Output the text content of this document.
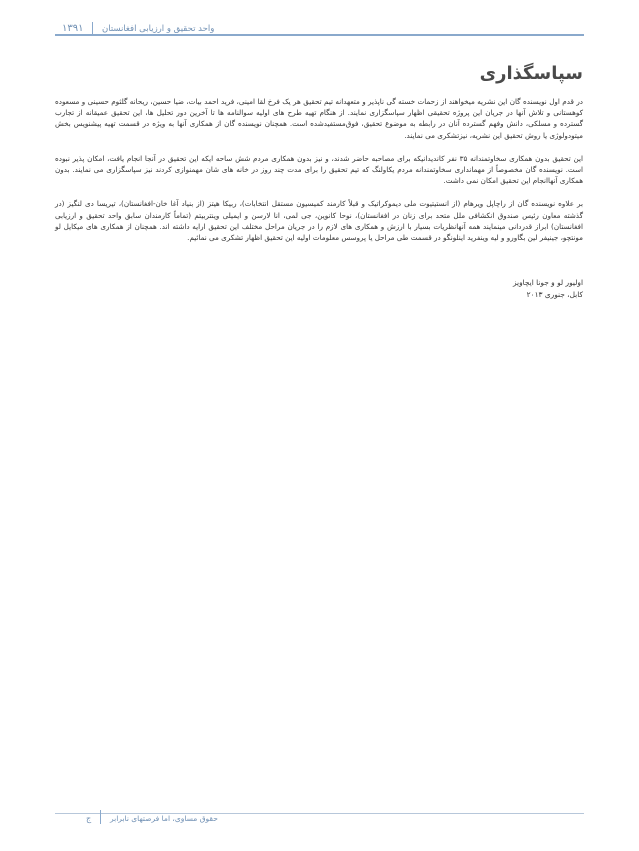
واحد تحقیق و ارزیابی افغانستان
۱۳۹۱
سپاسگذاری

در قدم اول نویسنده گان این نشریه میخواهند از زحمات خسته گی ناپذیر و متعهدانه تیم تحقیق هر یک فرخ لقا امینی، فرید احمد بیات، ضیا حسین، ریحانه گلثوم حسینی و مسعوده کوهستانی و تلاش آنها در جریان این پروژه تحقیقی اظهار سپاسگزاری نمایند. از هنگام تهیه طرح های اولیه سوالنامه ها تا آخرین دور تحلیل ها، این تحقیق عمیقانه از تجارب گسترده و مسلکی، دانش وفهم گسترده آنان در رابطه به موضوع تحقیق، فوق‌مستفیدشده است. همچنان نویسنده گان از همکاری آنها به ویژه در قسمت تهیه پیشنویس بخش میتودولوژی یا روش تحقیق این نشریه، نیزتشکری می نمایند.

این تحقیق بدون همکاری سخاوتمندانه ۳۵ نفر کاندیدانیکه برای مصاحبه حاضر شدند، و نیز بدون همکاری مردم شش ساحه ایکه این تحقیق در آنجا انجام یافت، امکان پذیر نبوده است. نویسنده گان مخصوصاً از مهمانداری سخاوتمندانه مردم یکاولنگ که تیم تحقیق را برای مدت چند روز در خانه های شان مهمنوازی کردند نیز سپاسگزاری می نمایند. بدون همکاری آنهاانجام این تحقیق امکان نمی داشت.

بر علاوه نویسنده گان از راچاپل ویرهام (از انستیتیوت ملی دیموکراتیک و قبلاً کارمند کمیسیون مستقل انتخابات)، ربیکا هیتز (از بنیاد آغا خان-افغانستان)، تیریسا دی لنگیز (در گذشته معاون رئیس صندوق انکشافی ملل متحد برای زنان در افغانستان)، نوحا کانوین، جی لمی، انا لارسن و ایمیلی وینتربیتم (تماماً کارمندان سابق واحد تحقیق و ارزیابی افغانستان) ابراز قدردانی مینمایند همه آنهانظریات بسیار با ارزش و همکاری های لازم را در جریان مراحل مختلف این تحقیق ارایه داشته اند. همچنان از همکاری های میکایل لو مونتچو، جینیفر لین بگاورو و لیه وینفرید اینلونگو در قسمت طی مراحل یا پروسس معلومات اولیه این تحقیق اظهار تشکری می نمائیم.

اولیور لو و جونا ایچاویز
کابل، جنوری ۲۰۱۳
حقوق مساوی، اما فرصتهای نابرابر
ج
